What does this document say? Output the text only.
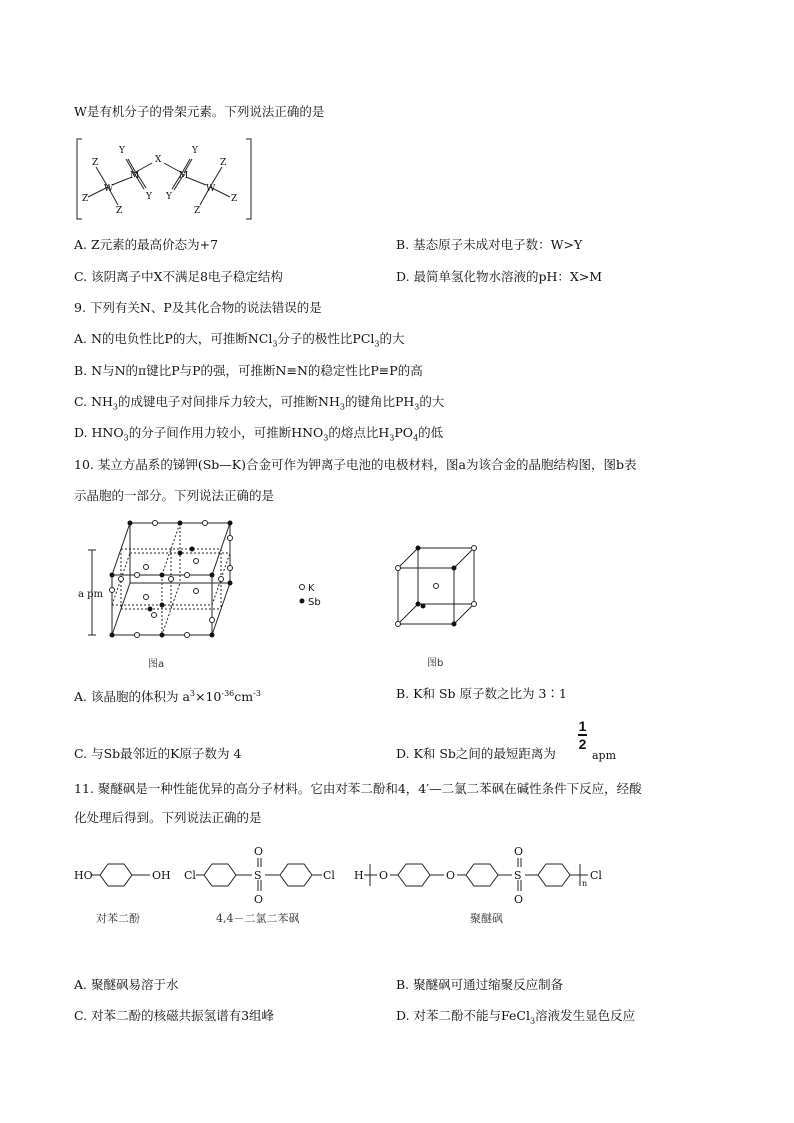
W是有机分子的骨架元素。下列说法正确的是
Y
X
Y
M	M
W	W
Z
Z
Z
Z
Z
Z
Y Y
A. Z元素的最高价态为+7	B. 基态原子未成对电子数：W>Y
C. 该阴离子中X不满足8电子稳定结构	D. 最简单氢化物水溶液的pH：X>M
9. 下列有关N、P及其化合物的说法错误的是
A. N的电负性比P的大，可推断NCl$_3$分子的极性比PCl$_3$的大
B. N与N的π键比P与P的强，可推断N≡N的稳定性比P≡P的高
C. $NH_3$的成键电子对间排斥力较大，可推断$NH_3$的键角比$PH_3$的大
D. $HNO_3$的分子间作用力较小，可推断$HNO_3$的熔点比$H_3PO_4$的低
10. 某立方晶系的锑钾(Sb—K)合金可作为钾离子电池的电极材料，图a为该合金的晶胞结构图，图b表
示晶胞的一部分。下列说法正确的是
a pm
图a
K
Sb
图b
A. 该晶胞的体积为 $a^3\times 10^{-36}cm^{-3}$	B. K和 Sb 原子数之比为 3∶1
C. 与Sb最邻近的K原子数为 4	D. K和 Sb之间的最短距离为
1
2
apm
11. 聚醚砜是一种性能优异的高分子材料。它由对苯二酚和4，4′—二氯二苯砜在碱性条件下反应，经酸
化处理后得到。下列说法正确的是
HO	OH Cl	S
O
O
Cl H O	O	S
O
O
n
Cl
对苯二酚	4,4－二氯二苯砜	聚醚砜
A. 聚醚砜易溶于水	B. 聚醚砜可通过缩聚反应制备
C. 对苯二酚的核磁共振氢谱有3组峰	D. 对苯二酚不能与FeCl$_3$溶液发生显色反应
